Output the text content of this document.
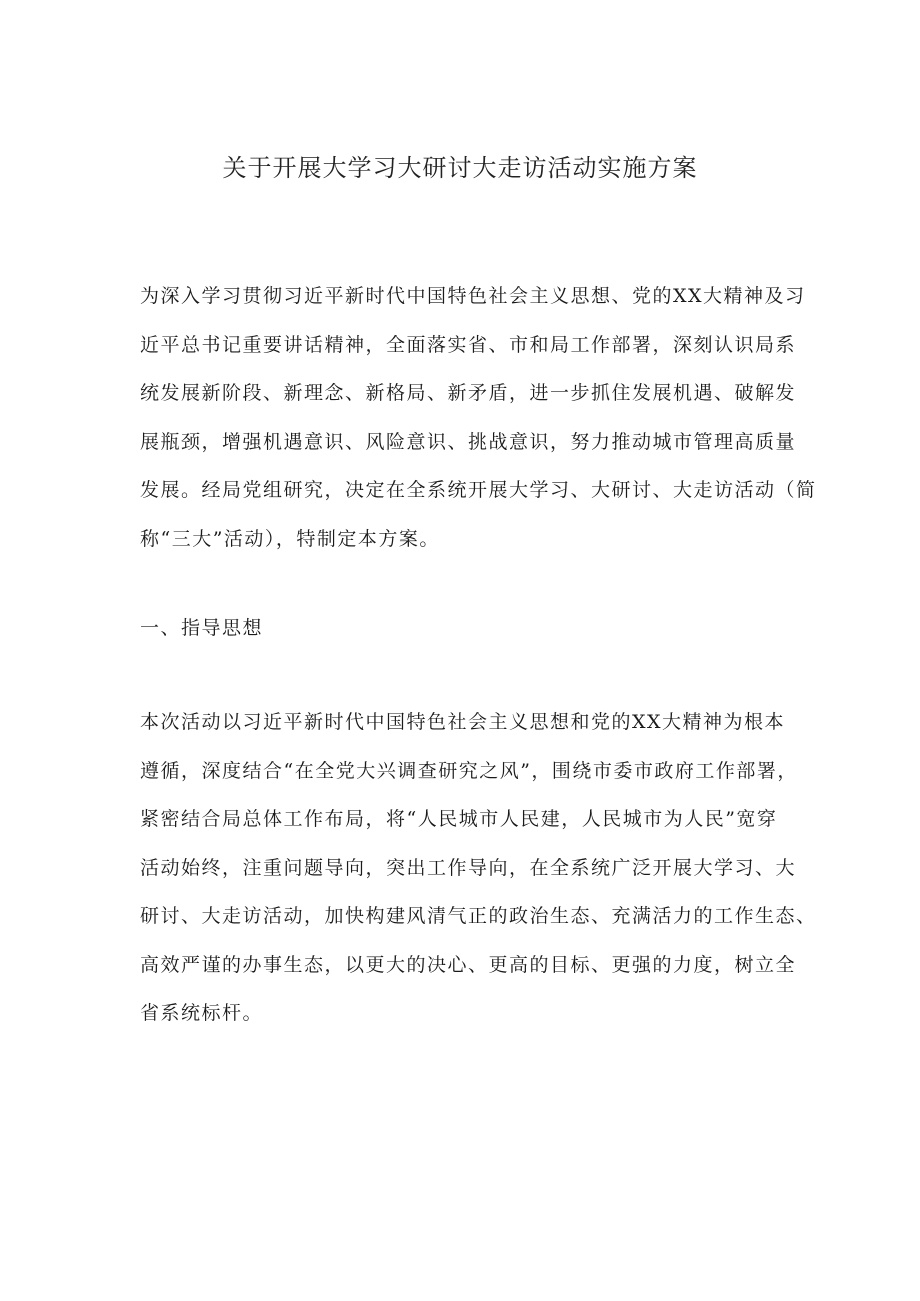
关于开展大学习大研讨大走访活动实施方案
为深入学习贯彻习近平新时代中国特色社会主义思想、党的XX大精神及习
近平总书记重要讲话精神，全面落实省、市和局工作部署，深刻认识局系
统发展新阶段、新理念、新格局、新矛盾，进一步抓住发展机遇、破解发
展瓶颈，增强机遇意识、风险意识、挑战意识，努力推动城市管理高质量
发展。经局党组研究，决定在全系统开展大学习、大研讨、大走访活动（简
称“三大”活动），特制定本方案。
一、指导思想
本次活动以习近平新时代中国特色社会主义思想和党的XX大精神为根本
遵循，深度结合“在全党大兴调查研究之风”，围绕市委市政府工作部署，
紧密结合局总体工作布局，将“人民城市人民建，人民城市为人民”宽穿
活动始终，注重问题导向，突出工作导向，在全系统广泛开展大学习、大
研讨、大走访活动，加快构建风清气正的政治生态、充满活力的工作生态、
高效严谨的办事生态，以更大的决心、更高的目标、更强的力度，树立全
省系统标杆。
